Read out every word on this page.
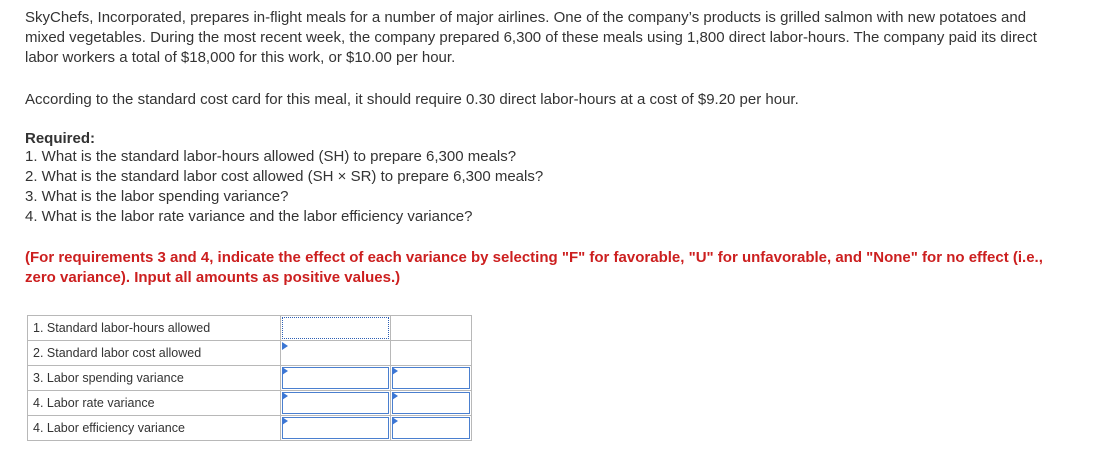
SkyChefs, Incorporated, prepares in-flight meals for a number of major airlines. One of the company’s products is grilled salmon with new potatoes and mixed vegetables. During the most recent week, the company prepared 6,300 of these meals using 1,800 direct labor-hours. The company paid its direct labor workers a total of $18,000 for this work, or $10.00 per hour.

According to the standard cost card for this meal, it should require 0.30 direct labor-hours at a cost of $9.20 per hour.

Required:

1. What is the standard labor-hours allowed (SH) to prepare 6,300 meals?

2. What is the standard labor cost allowed (SH × SR) to prepare 6,300 meals?

3. What is the labor spending variance?

4. What is the labor rate variance and the labor efficiency variance?

(For requirements 3 and 4, indicate the effect of each variance by selecting "F" for favorable, "U" for unfavorable, and "None" for no effect (i.e., zero variance). Input all amounts as positive values.)

1. Standard labor-hours allowed	

2. Standard labor cost allowed	

3. Labor spending variance	

4. Labor rate variance	

4. Labor efficiency variance	
